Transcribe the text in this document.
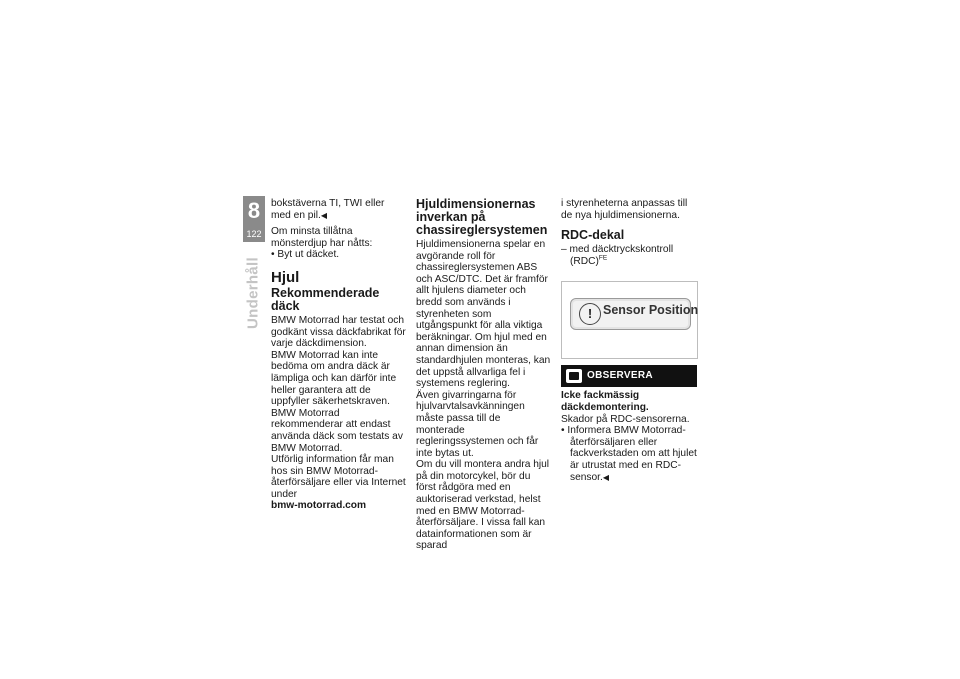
8
122
Underhåll

bokstäverna TI, TWI eller med en pil.◀

Om minsta tillåtna mönsterdjup har nåtts:

• Byt ut däcket.

Hjul
Rekommenderade däck

BMW Motorrad har testat och godkänt vissa däckfabrikat för varje däckdimension.

BMW Motorrad kan inte bedöma om andra däck är lämpliga och kan därför inte heller garantera att de uppfyller säkerhetskraven.

BMW Motorrad rekommenderar att endast använda däck som testats av BMW Motorrad.

Utförlig information får man hos sin BMW Motorrad-återförsäljare eller via Internet under

bmw-motorrad.com

Hjuldimensionernas inverkan på chassireglersystemen

Hjuldimensionerna spelar en avgörande roll för chassireglersystemen ABS och ASC/DTC. Det är framför allt hjulens diameter och bredd som används i styrenheten som utgångspunkt för alla viktiga beräkningar. Om hjul med en annan dimension än standardhjulen monteras, kan det uppstå allvarliga fel i systemens reglering.

Även givarringarna för hjulvarvtalsavkänningen måste passa till de monterade regleringssystemen och får inte bytas ut.

Om du vill montera andra hjul på din motorcykel, bör du först rådgöra med en auktoriserad verkstad, helst med en BMW Motorrad-återförsäljare. I vissa fall kan datainformationen som är sparad

i styrenheterna anpassas till de nya hjuldimensionerna.

RDC-dekal

– med däcktryckskontroll (RDC)$^{FE}$

! Sensor Position
OBSERVERA

Icke fackmässig däckdemontering.

Skador på RDC-sensorerna.

• Informera BMW Motorrad-återförsäljaren eller fackverkstaden om att hjulet är utrustat med en RDC-sensor.◀
